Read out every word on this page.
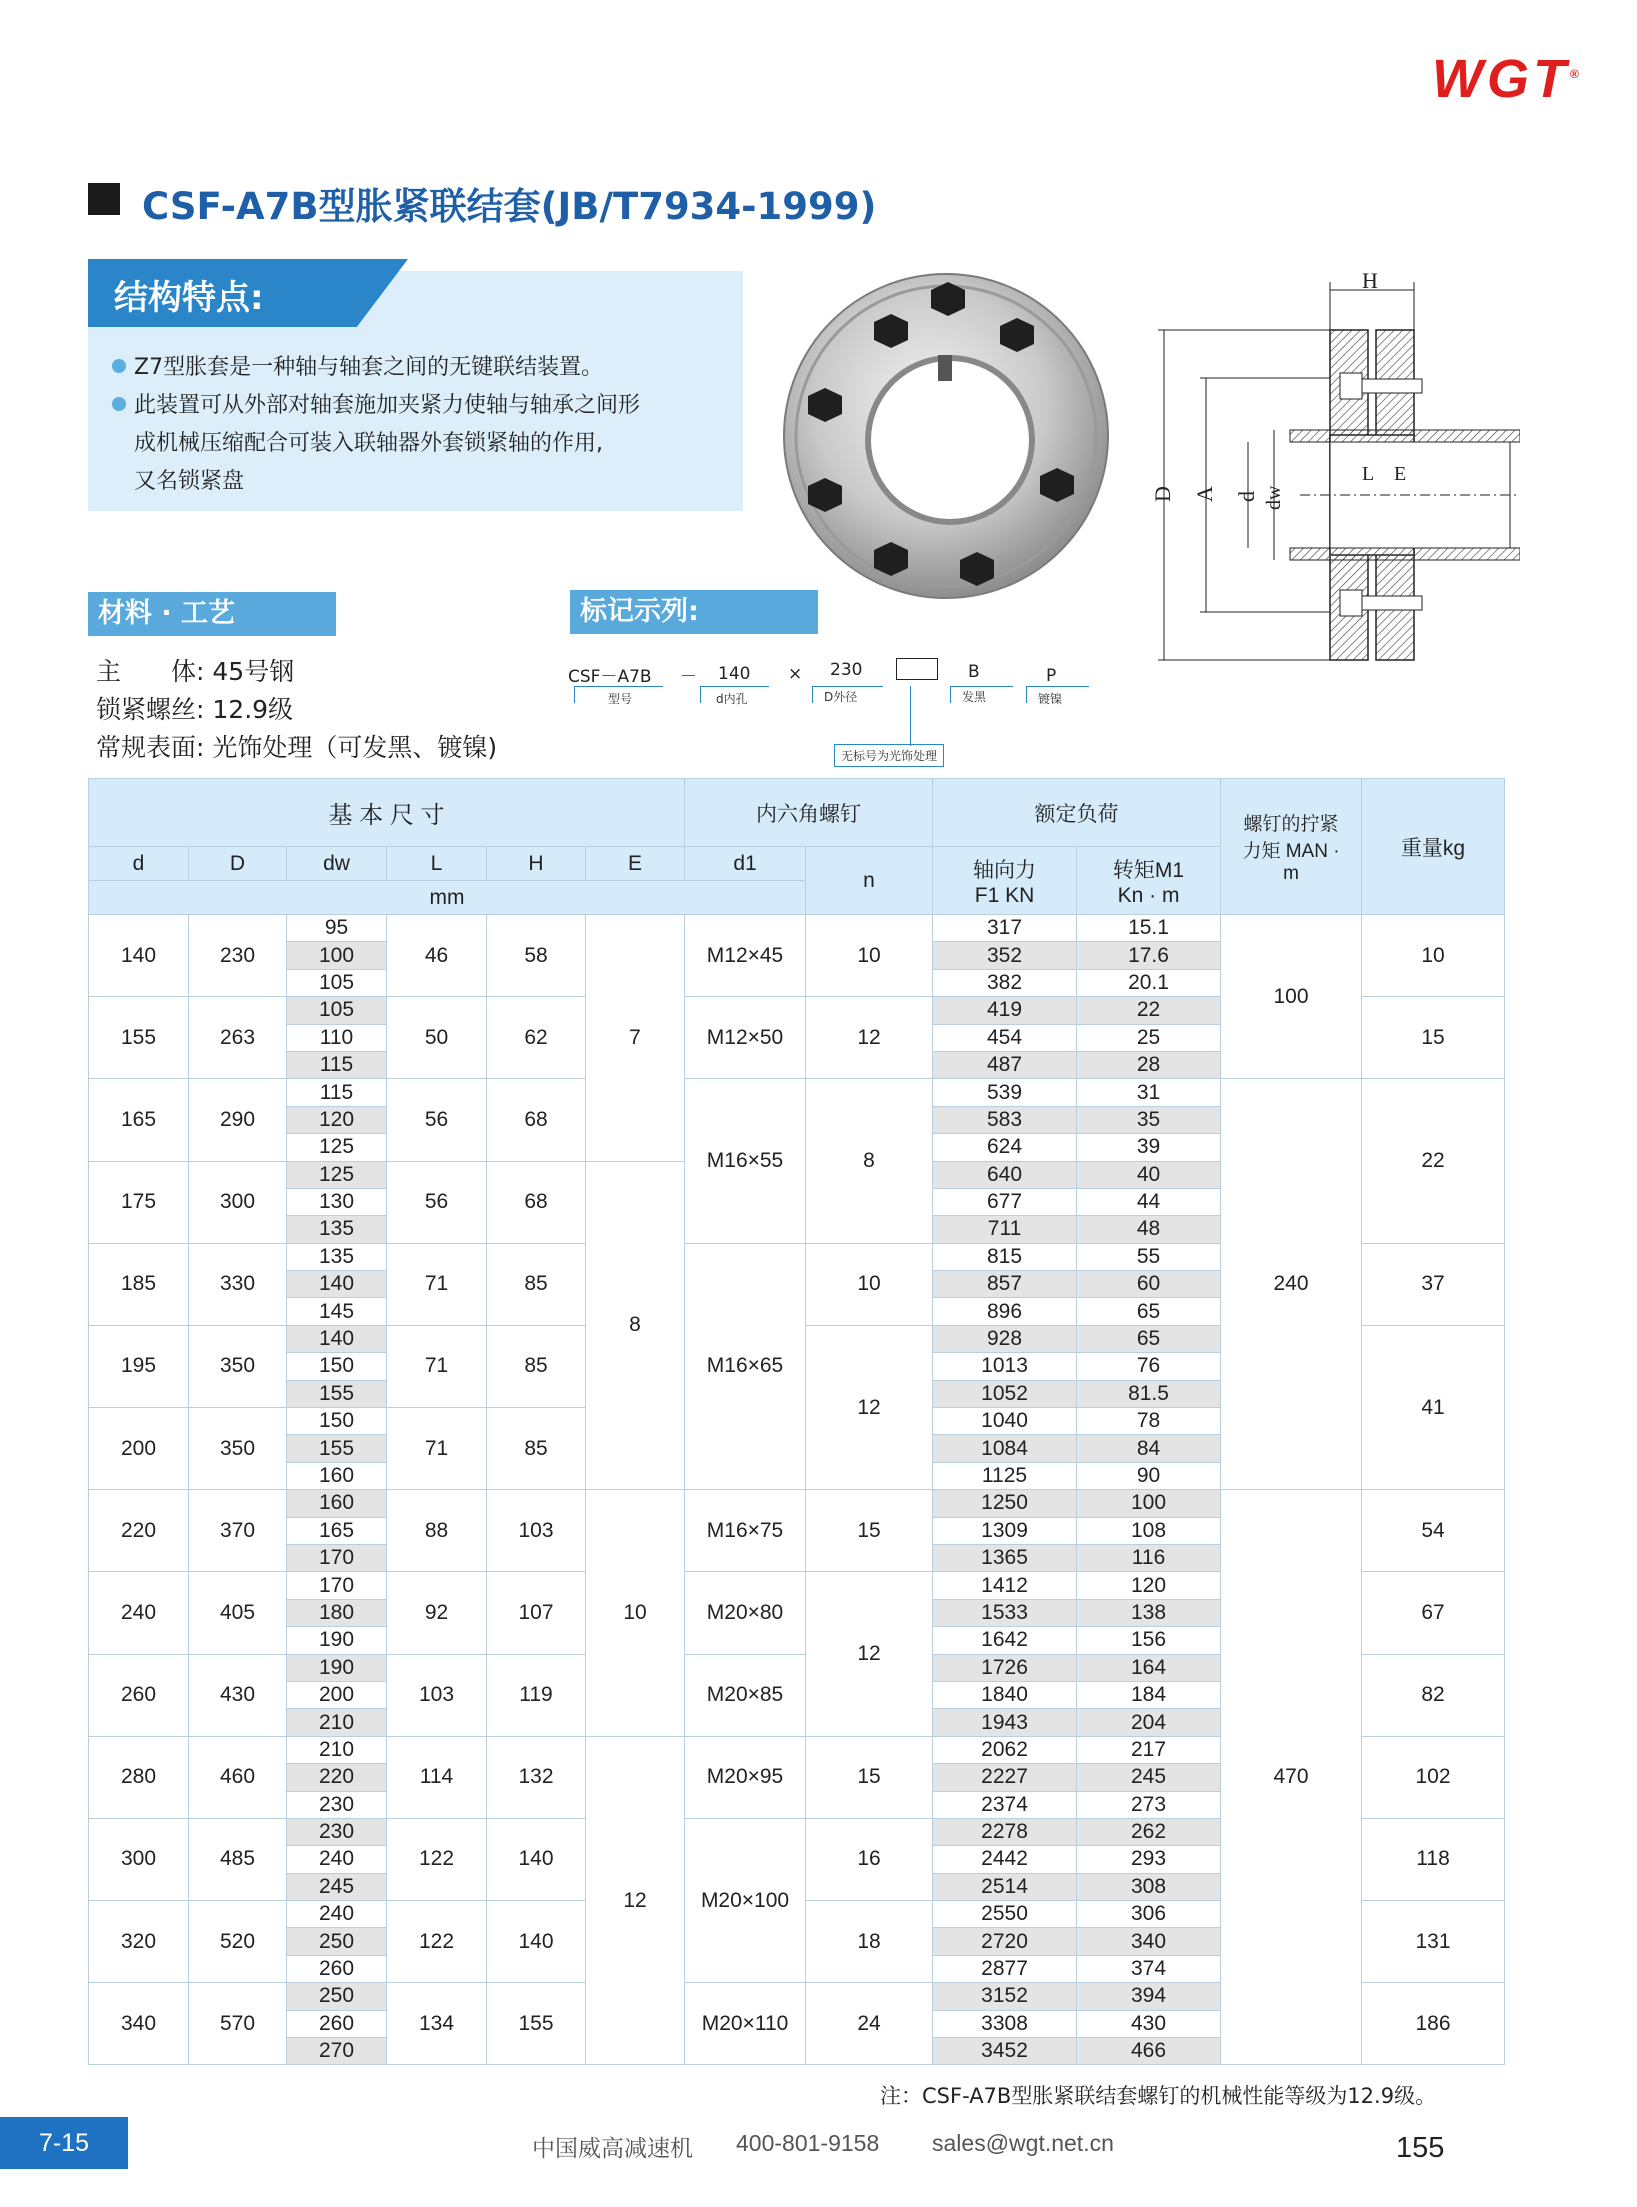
WGT®
CSF-A7B型胀紧联结套(JB/T7934-1999)
结构特点:
Z7型胀套是一种轴与轴套之间的无键联结装置。
此装置可从外部对轴套施加夹紧力使轴与轴承之间形
成机械压缩配合可装入联轴器外套锁紧轴的作用,
又名锁紧盘
H
D A d dw
L E
材料 · 工艺
主　　体: 45号钢
锁紧螺丝: 12.9级
常规表面: 光饰处理（可发黑、镀镍)
标记示列:
CSF－A7B － 140 × 230	B	P
型号	d内孔	D外径	发黑	镀镍
无标号为光饰处理
基 本 尺 寸						内六角螺钉		额定负荷		螺钉的拧紧力矩 MAN · m	重量kg
d	D	dw	L	H	E	d1	n	轴向力 F1 KN	转矩M1 Kn · m		
mm											
140	230	95	46	58	7	M12×45	10	317	15.1	100	10
		100						352	17.6		
		105						382	20.1		
155	263	105	50	62		M12×50	12	419	22		15
		110						454	25		
		115						487	28		
165	290	115	56	68		M16×55	8	539	31	240	22
		120						583	35		
		125						624	39		
175	300	125	56	68	8			640	40		
		130						677	44		
		135						711	48		
185	330	135	71	85		M16×65	10	815	55		37
		140						857	60		
		145						896	65		
195	350	140	71	85			12	928	65		41
		150						1013	76		
		155						1052	81.5		
200	350	150	71	85				1040	78		
		155						1084	84		
		160						1125	90		
220	370	160	88	103	10	M16×75	15	1250	100	470	54
		165						1309	108		
		170						1365	116		
240	405	170	92	107		M20×80	12	1412	120		67
		180						1533	138		
		190						1642	156		
260	430	190	103	119		M20×85		1726	164		82
		200						1840	184		
		210						1943	204		
280	460	210	114	132	12	M20×95	15	2062	217		102
		220						2227	245		
		230						2374	273		
300	485	230	122	140		M20×100	16	2278	262		118
		240						2442	293		
		245						2514	308		
320	520	240	122	140			18	2550	306		131
		250						2720	340		
		260						2877	374		
340	570	250	134	155		M20×110	24	3152	394		186
		260						3308	430		
		270						3452	466		
注：CSF-A7B型胀紧联结套螺钉的机械性能等级为12.9级。
7-15	中国威高减速机 400-801-9158 sales@wgt.net.cn	155
